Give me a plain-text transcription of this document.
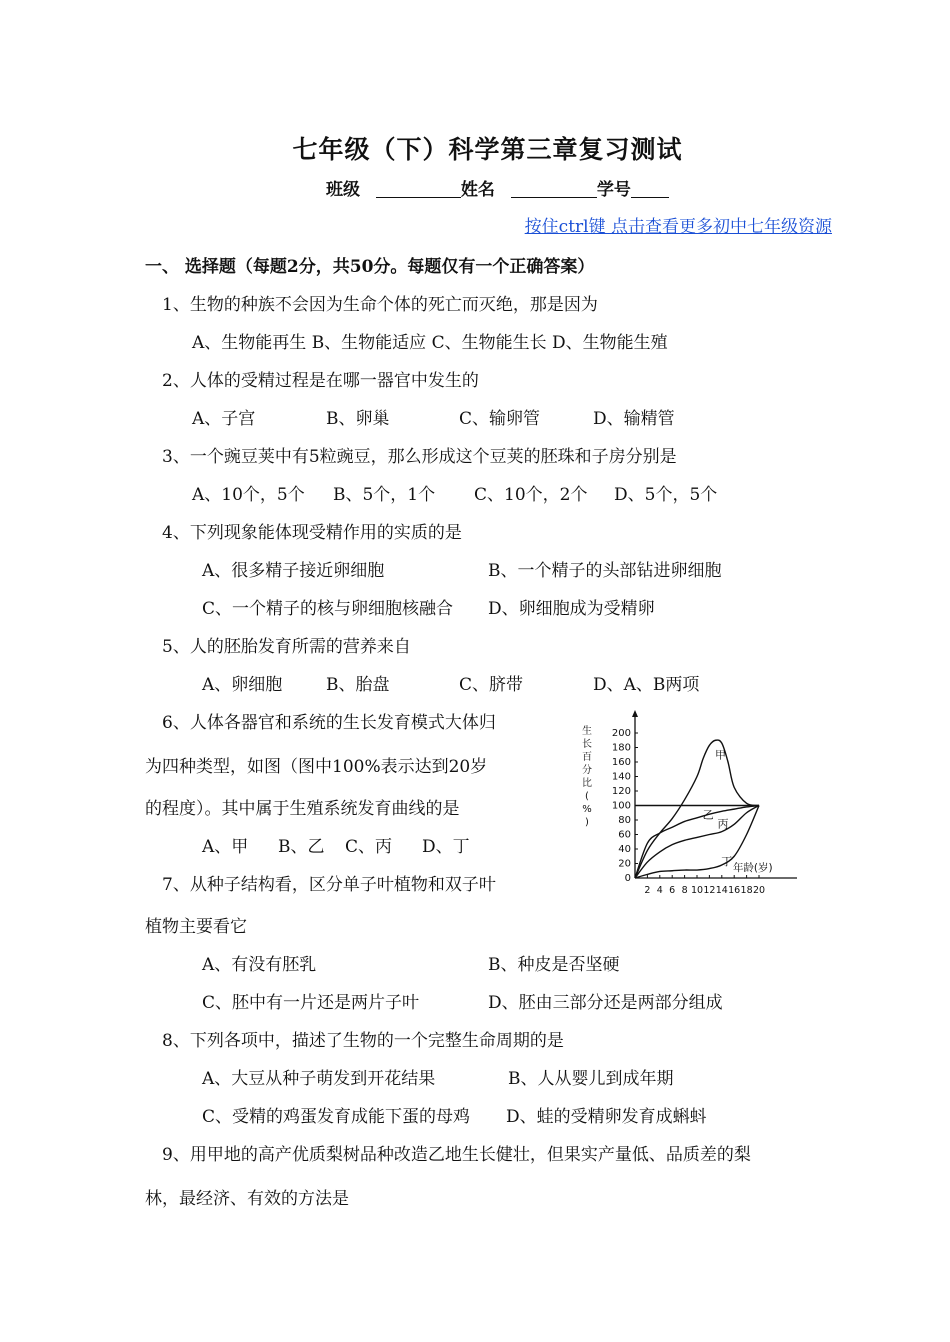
七年级（下）科学第三章复习测试
班级	姓名	学号
按住ctrl键 点击查看更多初中七年级资源
一、 选择题（每题2分，共50分。每题仅有一个正确答案）
1、生物的种族不会因为生命个体的死亡而灭绝，那是因为
A、生物能再生 B、生物能适应 C、生物能生长 D、生物能生殖
2、人体的受精过程是在哪一器官中发生的
A、子宫	B、卵巢	C、输卵管	D、输精管
3、一个豌豆荚中有5粒豌豆，那么形成这个豆荚的胚珠和子房分别是
A、10个，5个 B、5个，1个 C、10个，2个 D、5个，5个
4、下列现象能体现受精作用的实质的是
A、很多精子接近卵细胞	B、一个精子的头部钻进卵细胞
C、一个精子的核与卵细胞核融合 D、卵细胞成为受精卵
5、人的胚胎发育所需的营养来自
A、卵细胞	B、胎盘	C、脐带	D、A、B两项
6、人体各器官和系统的生长发育模式大体归
为四种类型，如图（图中100%表示达到20岁
的程度）。其中属于生殖系统发育曲线的是
A、甲 B、乙 C、丙 D、丁
0
20
40
60
80
100
120
140
160
180
200
2 4 6 8 10 12 14 16 18 20
生长百分比( % )
年龄(岁)
甲
乙
丙
丁
7、从种子结构看，区分单子叶植物和双子叶
植物主要看它
A、有没有胚乳	B、种皮是否坚硬
C、胚中有一片还是两片子叶	D、胚由三部分还是两部分组成
8、下列各项中，描述了生物的一个完整生命周期的是
A、大豆从种子萌发到开花结果	B、人从婴儿到成年期
C、受精的鸡蛋发育成能下蛋的母鸡 D、蛙的受精卵发育成蝌蚪
9、用甲地的高产优质梨树品种改造乙地生长健壮，但果实产量低、品质差的梨
林，最经济、有效的方法是
